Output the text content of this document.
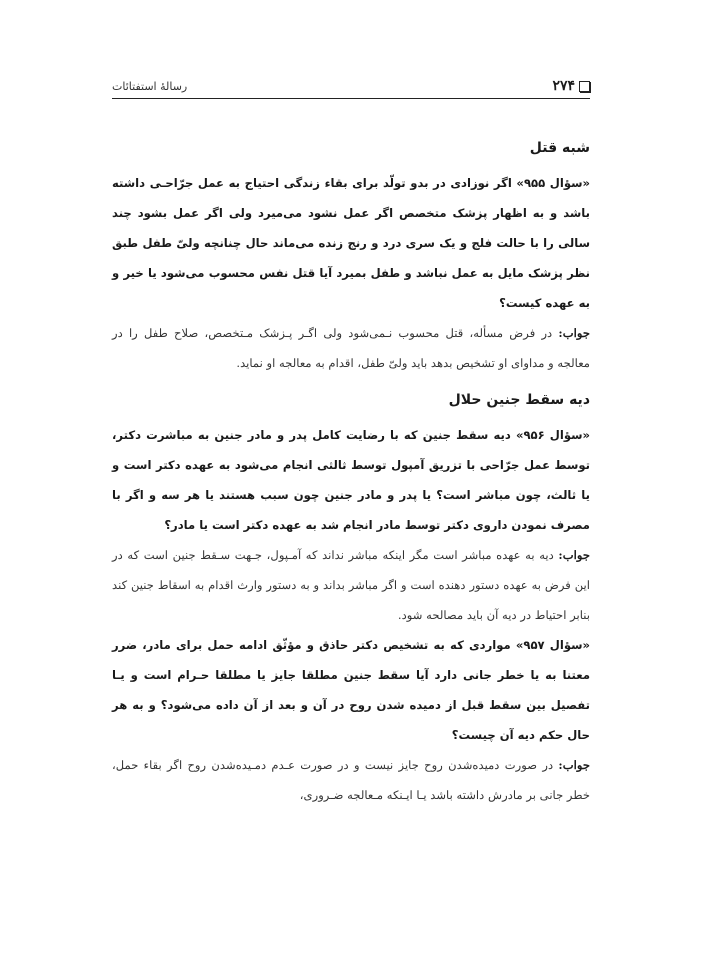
۲۷۴
رسالهٔ استفتائات
شبه قتل

«سؤال ۹۵۵» اگر نوزادی در بدو تولّد برای بقاء زندگی احتیاج به عمل جرّاحـی داشته باشد و به اظهار پزشک متخصص اگر عمل نشود می‌میرد ولی اگر عمل بشود چند سالی را با حالت فلج و یک سری درد و رنج زنده می‌ماند حال چنانچه ولیّ طفل طبق نظر پزشک مایل به عمل نباشد و طفل بمیرد آیا قتل نفس محسوب می‌شود یا خیر و به عهده کیست؟

جواب: در فرض مسأله، قتل محسوب نـمی‌شود ولی اگـر پـزشک مـتخصص، صلاح طفل را در معالجه و مداوای او تشخیص بدهد باید ولیّ طفل، اقدام به معالجه او نماید.

دیه سقط جنین حلال

«سؤال ۹۵۶» دیه سقط جنین که با رضایت کامل پدر و مادر جنین به مباشرت دکتر، توسط عمل جرّاحی با تزریق آمپول توسط ثالثی انجام می‌شود به عهده دکتر است و یا ثالث، چون مباشر است؟ یا پدر و مادر جنین چون سبب هستند یا هر سه و اگر با مصرف نمودن داروی دکتر توسط مادر انجام شد به عهده دکتر است یا مادر؟

جواب: دیه به عهده مباشر است مگر اینکه مباشر نداند که آمـپول، جـهت سـقط جنین است که در این فرض به عهده دستور دهنده است و اگر مباشر بداند و به دستور وارث اقدام به اسقاط جنین کند بنابر احتیاط در دیه آن باید مصالحه شود.

«سؤال ۹۵۷» مواردی که به تشخیص دکتر حاذق و مؤثّق ادامه حمل برای مادر، ضرر معتنا به یا خطر جانی دارد آیا سقط جنین مطلقا جایز یا مطلقا حـرام است و یـا تفصیل بین سقط قبل از دمیده شدن روح در آن و بعد از آن داده می‌شود؟ و به هر حال حکم دیه آن چیست؟

جواب: در صورت دمیده‌شدن روح جایز نیست و در صورت عـدم دمـیده‌شدن روح اگر بقاء حمل، خطر جانی بر مادرش داشته باشد یـا ایـنکه مـعالجه ضـروری،
